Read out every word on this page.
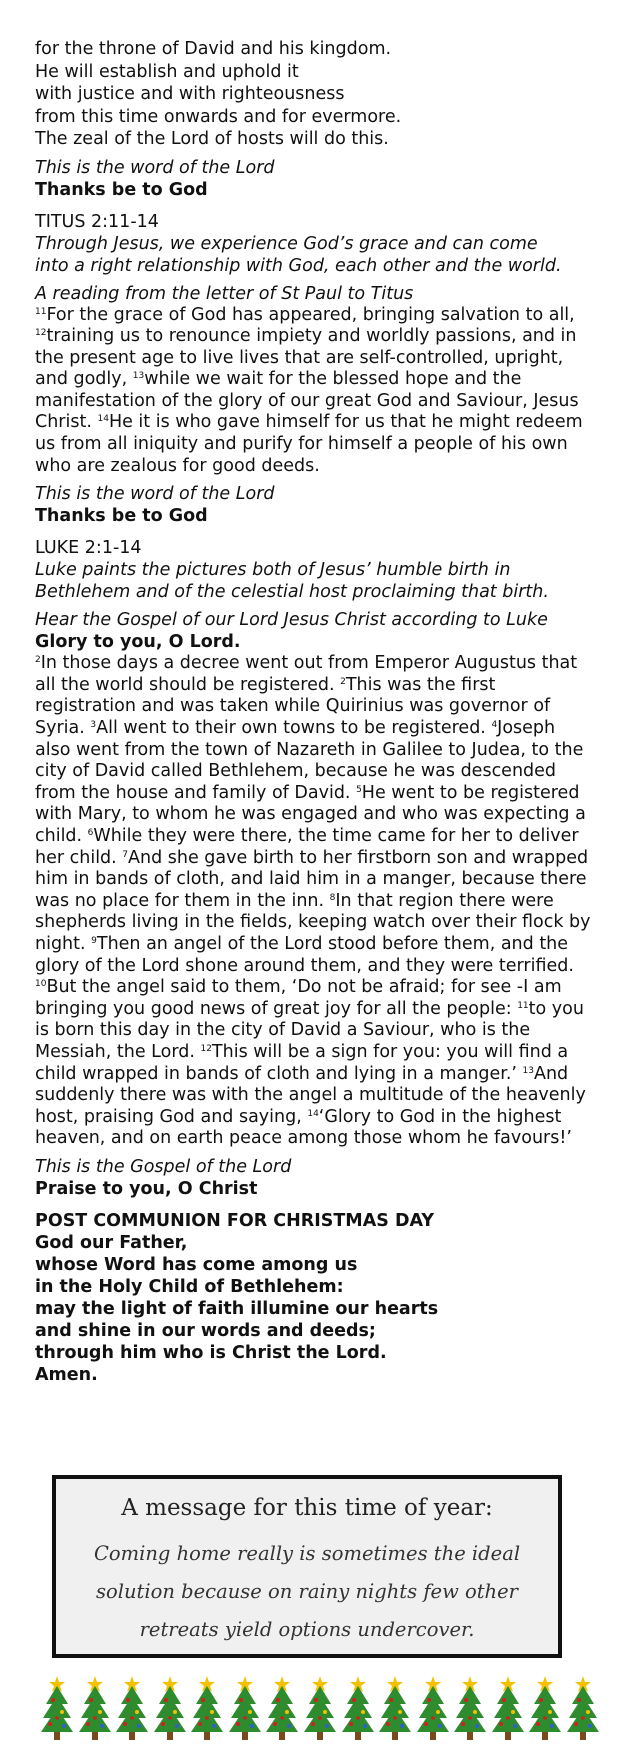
for the throne of David and his kingdom.

He will establish and uphold it

with justice and with righteousness

from this time onwards and for evermore.

The zeal of the Lord of hosts will do this.

This is the word of the Lord

Thanks be to God

TITUS 2:11-14

Through Jesus, we experience God’s grace and can come
into a right relationship with God, each other and the world.

A reading from the letter of St Paul to Titus

$^{11}$For the grace of God has appeared, bringing salvation to all, $^{12}$training us to renounce impiety and worldly passions, and in the present age to live lives that are self-controlled, upright, and godly, $^{13}$while we wait for the blessed hope and the manifestation of the glory of our great God and Saviour, Jesus Christ. $^{14}$He it is who gave himself for us that he might redeem us from all iniquity and purify for himself a people of his own who are zealous for good deeds.

This is the word of the Lord

Thanks be to God

LUKE 2:1-14

Luke paints the pictures both of Jesus’ humble birth in
Bethlehem and of the celestial host proclaiming that birth.

Hear the Gospel of our Lord Jesus Christ according to Luke

Glory to you, O Lord.

$^2$In those days a decree went out from Emperor Augustus that all the world should be registered. $^2$This was the first registration and was taken while Quirinius was governor of Syria. $^3$All went to their own towns to be registered. $^4$Joseph also went from the town of Nazareth in Galilee to Judea, to the city of David called Bethlehem, because he was descended from the house and family of David. $^5$He went to be registered with Mary, to whom he was engaged and who was expecting a child. $^6$While they were there, the time came for her to deliver her child. $^7$And she gave birth to her firstborn son and wrapped him in bands of cloth, and laid him in a manger, because there was no place for them in the inn. $^8$In that region there were shepherds living in the fields, keeping watch over their flock by night. $^9$Then an angel of the Lord stood before them, and the glory of the Lord shone around them, and they were terrified. $^{10}$But the angel said to them, ‘Do not be afraid; for see -I am bringing you good news of great joy for all the people: $^{11}$to you is born this day in the city of David a Saviour, who is the Messiah, the Lord. $^{12}$This will be a sign for you: you will find a child wrapped in bands of cloth and lying in a manger.’ $^{13}$And suddenly there was with the angel a multitude of the heavenly host, praising God and saying, $^{14}$‘Glory to God in the highest heaven, and on earth peace among those whom he favours!’

This is the Gospel of the Lord

Praise to you, O Christ

POST COMMUNION FOR CHRISTMAS DAY

God our Father,

whose Word has come among us

in the Holy Child of Bethlehem:

may the light of faith illumine our hearts

and shine in our words and deeds;

through him who is Christ the Lord.

Amen.

A message for this time of year:
Coming home really is sometimes the ideal solution because on rainy nights few other retreats yield options undercover.
